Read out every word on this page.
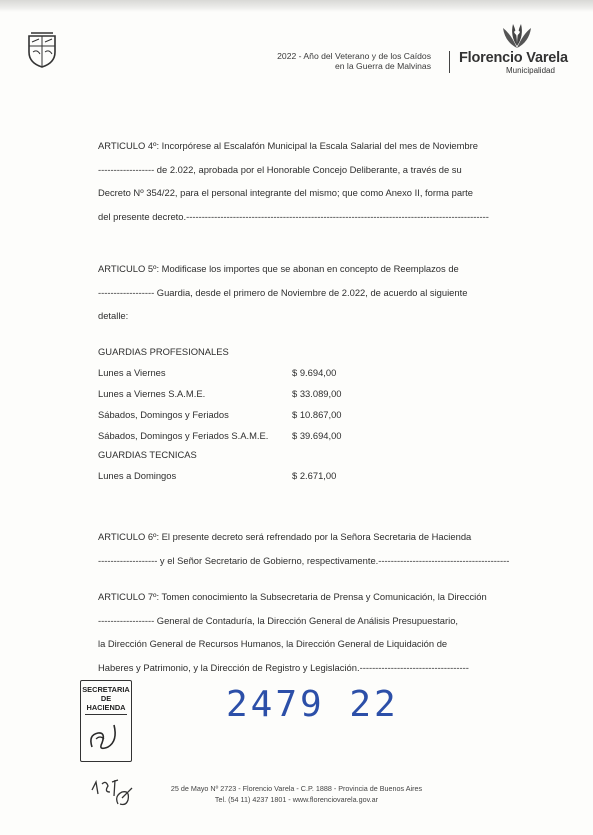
2022 - Año del Veterano y de los Caídos
en la Guerra de Malvinas Florencio Varela
Municipalidad
ARTICULO 4º: Incorpórese al Escalafón Municipal la Escala Salarial del mes de Noviembre
------------------ de 2.022, aprobada por el Honorable Concejo Deliberante, a través de su
Decreto Nº 354/22, para el personal integrante del mismo; que como Anexo II, forma parte
del presente decreto.-------------------------------------------------------------------------------------------------
ARTICULO 5º: Modificase los importes que se abonan en concepto de Reemplazos de
------------------ Guardia, desde el primero de Noviembre de 2.022, de acuerdo al siguiente
detalle:
GUARDIAS PROFESIONALES
Lunes a Viernes	$ 9.694,00
Lunes a Viernes S.A.M.E.	$ 33.089,00
Sábados, Domingos y Feriados	$ 10.867,00
Sábados, Domingos y Feriados S.A.M.E.	$ 39.694,00
GUARDIAS TECNICAS
Lunes a Domingos	$ 2.671,00
ARTICULO 6º: El presente decreto será refrendado por la Señora Secretaria de Hacienda
------------------- y el Señor Secretario de Gobierno, respectivamente.------------------------------------------
ARTICULO 7º: Tomen conocimiento la Subsecretaria de Prensa y Comunicación, la Dirección
------------------ General de Contaduría, la Dirección General de Análisis Presupuestario,
la Dirección General de Recursos Humanos, la Dirección General de Liquidación de
Haberes y Patrimonio, y la Dirección de Registro y Legislación.-----------------------------------
SECRETARIA
DE
HACIENDA	2479 22
25 de Mayo Nº 2723 - Florencio Varela - C.P. 1888 - Provincia de Buenos Aires
Tel. (54 11) 4237 1801 - www.florenciovarela.gov.ar
